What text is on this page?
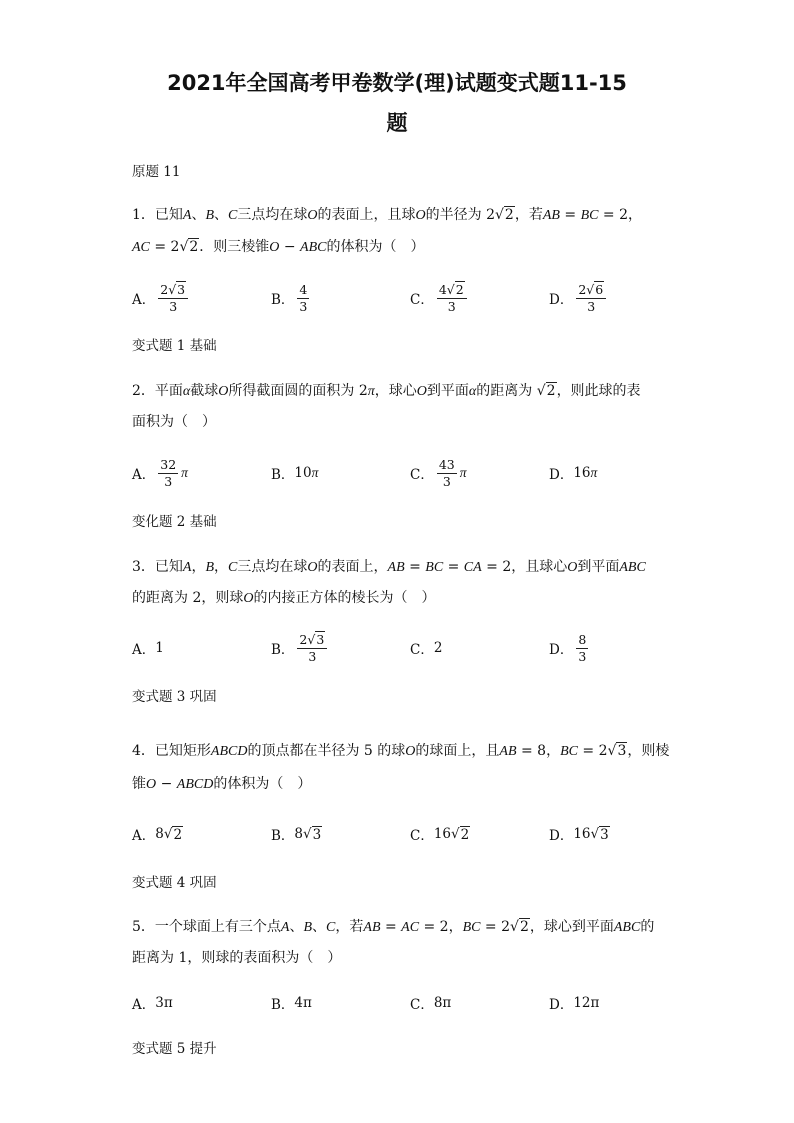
2021年全国高考甲卷数学(理)试题变式题11-15
题
原题 11
1．已知A、B、C三点均在球O的表面上，且球O的半径为 2√2，若AB = BC = 2，
AC = 2√2．则三棱锥O − ABC的体积为（　）
A． $\frac{2√3}{3}$	B． $\frac{4}{3}$	C． $\frac{4√2}{3}$	D． $\frac{2√6}{3}$
变式题 1 基础
2．平面α截球O所得截面圆的面积为 2π，球心O到平面α的距离为 √2，则此球的表
面积为（　）
A． $\frac{32}{3}$ π	B． 10 π	C． $\frac{43}{3}$ π	D． 16 π
变化题 2 基础
3．已知A，B，C三点均在球O的表面上，AB = BC = CA = 2，且球心O到平面ABC
的距离为 2，则球O的内接正方体的棱长为（　）
A． 1	B． $\frac{2√3}{3}$	C． 2	D． $\frac{8}{3}$
变式题 3 巩固
4．已知矩形ABCD的顶点都在半径为 5 的球O的球面上，且AB = 8，BC = 2√3，则棱
锥O − ABCD的体积为（　）
A． 8 √ 2	B． 8 √ 3	C． 16 √ 2	D． 16 √ 3
变式题 4 巩固
5．一个球面上有三个点A、B、C，若AB = AC = 2，BC = 2√2，球心到平面ABC的
距离为 1，则球的表面积为（　）
A． 3π	B． 4π	C． 8π	D． 12π
变式题 5 提升
